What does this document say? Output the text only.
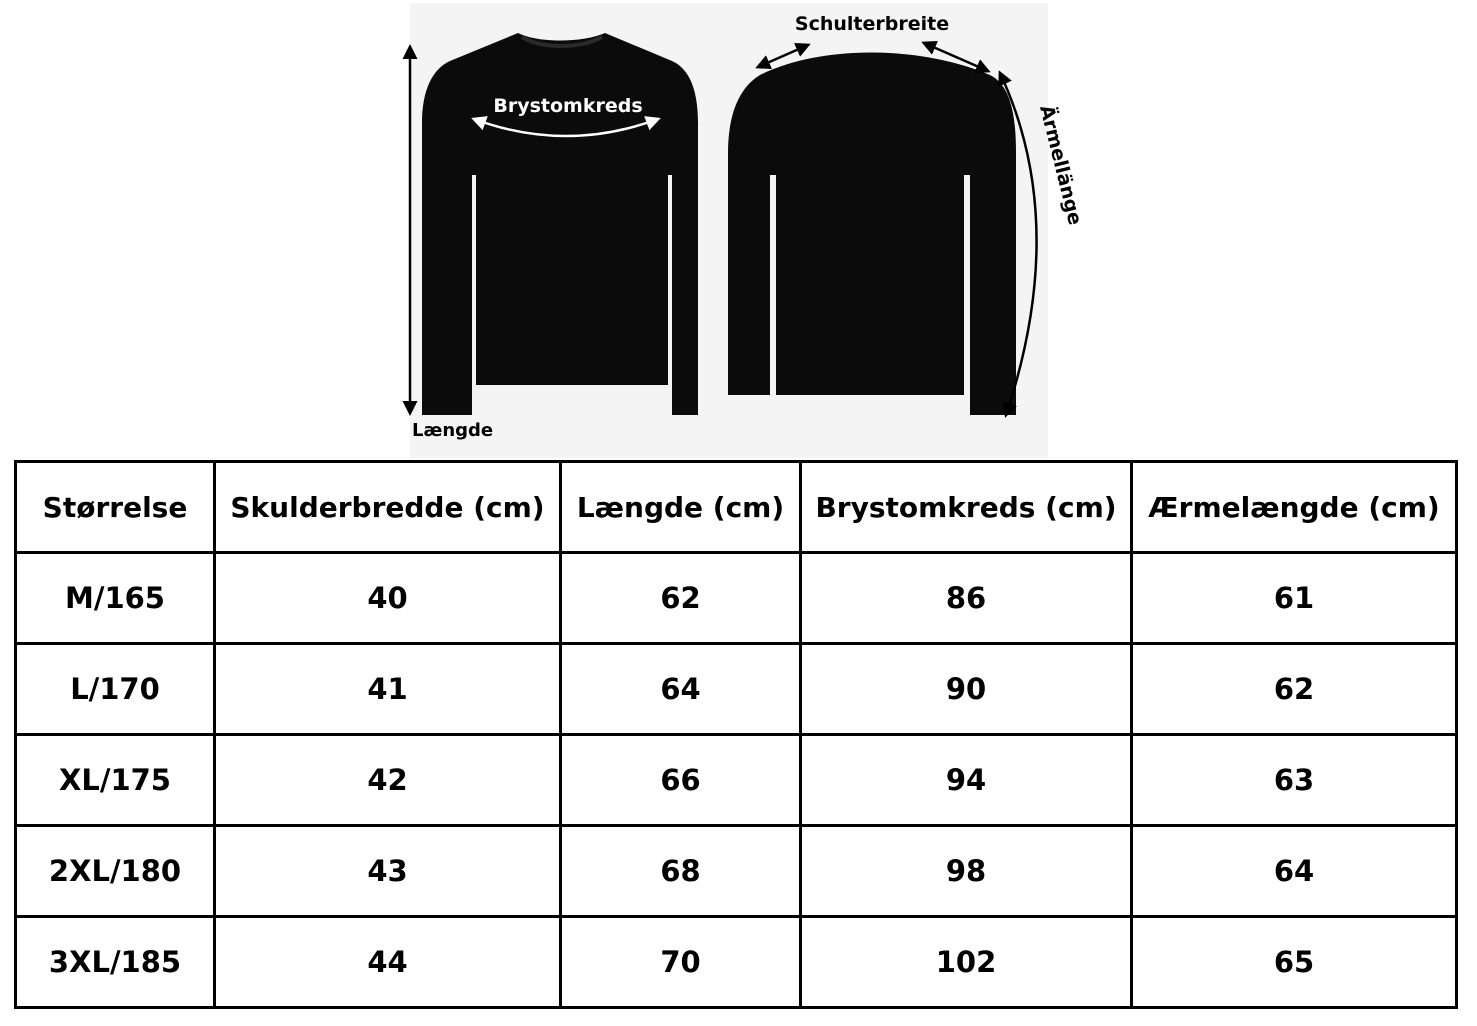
Længde
Brystomkreds
Schulterbreite
Ärmellänge
Størrelse	Skulderbredde (cm)	Længde (cm)	Brystomkreds (cm)	Ærmelængde (cm)
M/165	40	62	86	61
L/170	41	64	90	62
XL/175	42	66	94	63
2XL/180	43	68	98	64
3XL/185	44	70	102	65
